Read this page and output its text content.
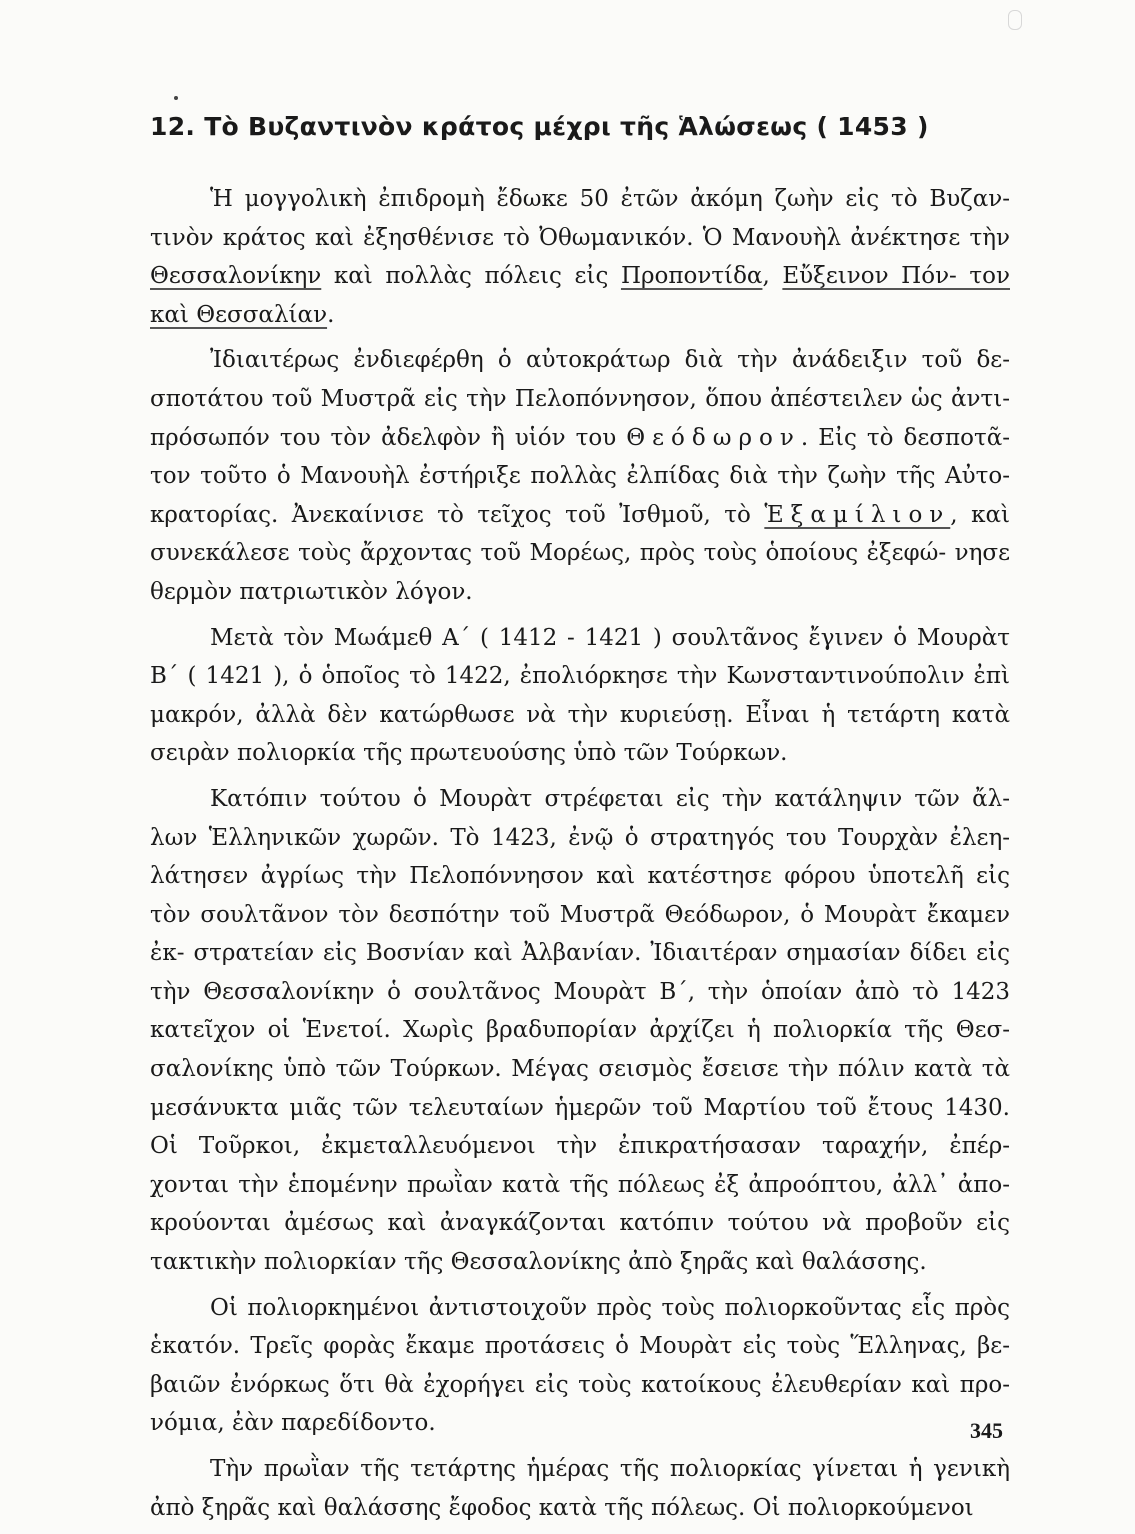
12. Τὸ Βυζαντινὸν κράτος μέχρι τῆς Ἁλώσεως ( 1453 )

Ἡ μογγολικὴ ἐπιδρομὴ ἔδωκε 50 ἐτῶν ἀκόμη ζωὴν εἰς τὸ Βυζαν- τινὸν κράτος καὶ ἐξησθένισε τὸ Ὀθωμανικόν. Ὁ Μανουὴλ ἀνέκτησε τὴν Θεσσαλονίκην καὶ πολλὰς πόλεις εἰς Προποντίδα, Εὔξεινον Πόν- τον καὶ Θεσσαλίαν.

Ἰδιαιτέρως ἐνδιεφέρθη ὁ αὐτοκράτωρ διὰ τὴν ἀνάδειξιν τοῦ δε- σποτάτου τοῦ Μυστρᾶ εἰς τὴν Πελοπόννησον, ὅπου ἀπέστειλεν ὡς ἀντι- πρόσωπόν του τὸν ἀδελφὸν ἢ υἱόν του Θεόδωρον. Εἰς τὸ δεσποτᾶ- τον τοῦτο ὁ Μανουὴλ ἐστήριξε πολλὰς ἐλπίδας διὰ τὴν ζωὴν τῆς Αὐτο- κρατορίας. Ἀνεκαίνισε τὸ τεῖχος τοῦ Ἰσθμοῦ, τὸ Ἑξαμίλιον, καὶ συνεκάλεσε τοὺς ἄρχοντας τοῦ Μορέως, πρὸς τοὺς ὁποίους ἐξεφώ- νησε θερμὸν πατριωτικὸν λόγον.

Μετὰ τὸν Μωάμεθ Α΄ ( 1412 - 1421 ) σουλτᾶνος ἔγινεν ὁ Μουρὰτ Β΄ ( 1421 ), ὁ ὁποῖος τὸ 1422, ἐπολιόρκησε τὴν Κωνσταντινούπολιν ἐπὶ μακρόν, ἀλλὰ δὲν κατώρθωσε νὰ τὴν κυριεύσῃ. Εἶναι ἡ τετάρτη κατὰ σειρὰν πολιορκία τῆς πρωτευούσης ὑπὸ τῶν Τούρκων.

Κατόπιν τούτου ὁ Μουρὰτ στρέφεται εἰς τὴν κατάληψιν τῶν ἄλ- λων Ἑλληνικῶν χωρῶν. Τὸ 1423, ἐνῷ ὁ στρατηγός του Τουρχὰν ἐλεη- λάτησεν ἀγρίως τὴν Πελοπόννησον καὶ κατέστησε φόρου ὑποτελῆ εἰς τὸν σουλτᾶνον τὸν δεσπότην τοῦ Μυστρᾶ Θεόδωρον, ὁ Μουρὰτ ἔκαμεν ἐκ- στρατείαν εἰς Βοσνίαν καὶ Ἀλβανίαν. Ἰδιαιτέραν σημασίαν δίδει εἰς τὴν Θεσσαλονίκην ὁ σουλτᾶνος Μουρὰτ Β΄, τὴν ὁποίαν ἀπὸ τὸ 1423 κατεῖχον οἱ Ἑνετοί. Χωρὶς βραδυπορίαν ἀρχίζει ἡ πολιορκία τῆς Θεσ- σαλονίκης ὑπὸ τῶν Τούρκων. Μέγας σεισμὸς ἔσεισε τὴν πόλιν κατὰ τὰ μεσάνυκτα μιᾶς τῶν τελευταίων ἡμερῶν τοῦ Μαρτίου τοῦ ἔτους 1430. Οἱ Τοῦρκοι, ἐκμεταλλευόμενοι τὴν ἐπικρατήσασαν ταραχήν, ἐπέρ- χονται τὴν ἑπομένην πρωῒαν κατὰ τῆς πόλεως ἐξ ἀπροόπτου, ἀλλ᾽ ἀπο- κρούονται ἀμέσως καὶ ἀναγκάζονται κατόπιν τούτου νὰ προβοῦν εἰς τακτικὴν πολιορκίαν τῆς Θεσσαλονίκης ἀπὸ ξηρᾶς καὶ θαλάσσης.

Οἱ πολιορκημένοι ἀντιστοιχοῦν πρὸς τοὺς πολιορκοῦντας εἷς πρὸς ἑκατόν. Τρεῖς φορὰς ἔκαμε προτάσεις ὁ Μουρὰτ εἰς τοὺς Ἕλληνας, βε- βαιῶν ἐνόρκως ὅτι θὰ ἐχορήγει εἰς τοὺς κατοίκους ἐλευθερίαν καὶ προ- νόμια, ἐὰν παρεδίδοντο.

Τὴν πρωῒαν τῆς τετάρτης ἡμέρας τῆς πολιορκίας γίνεται ἡ γενικὴ ἀπὸ ξηρᾶς καὶ θαλάσσης ἔφοδος κατὰ τῆς πόλεως. Οἱ πολιορκούμενοι

345
